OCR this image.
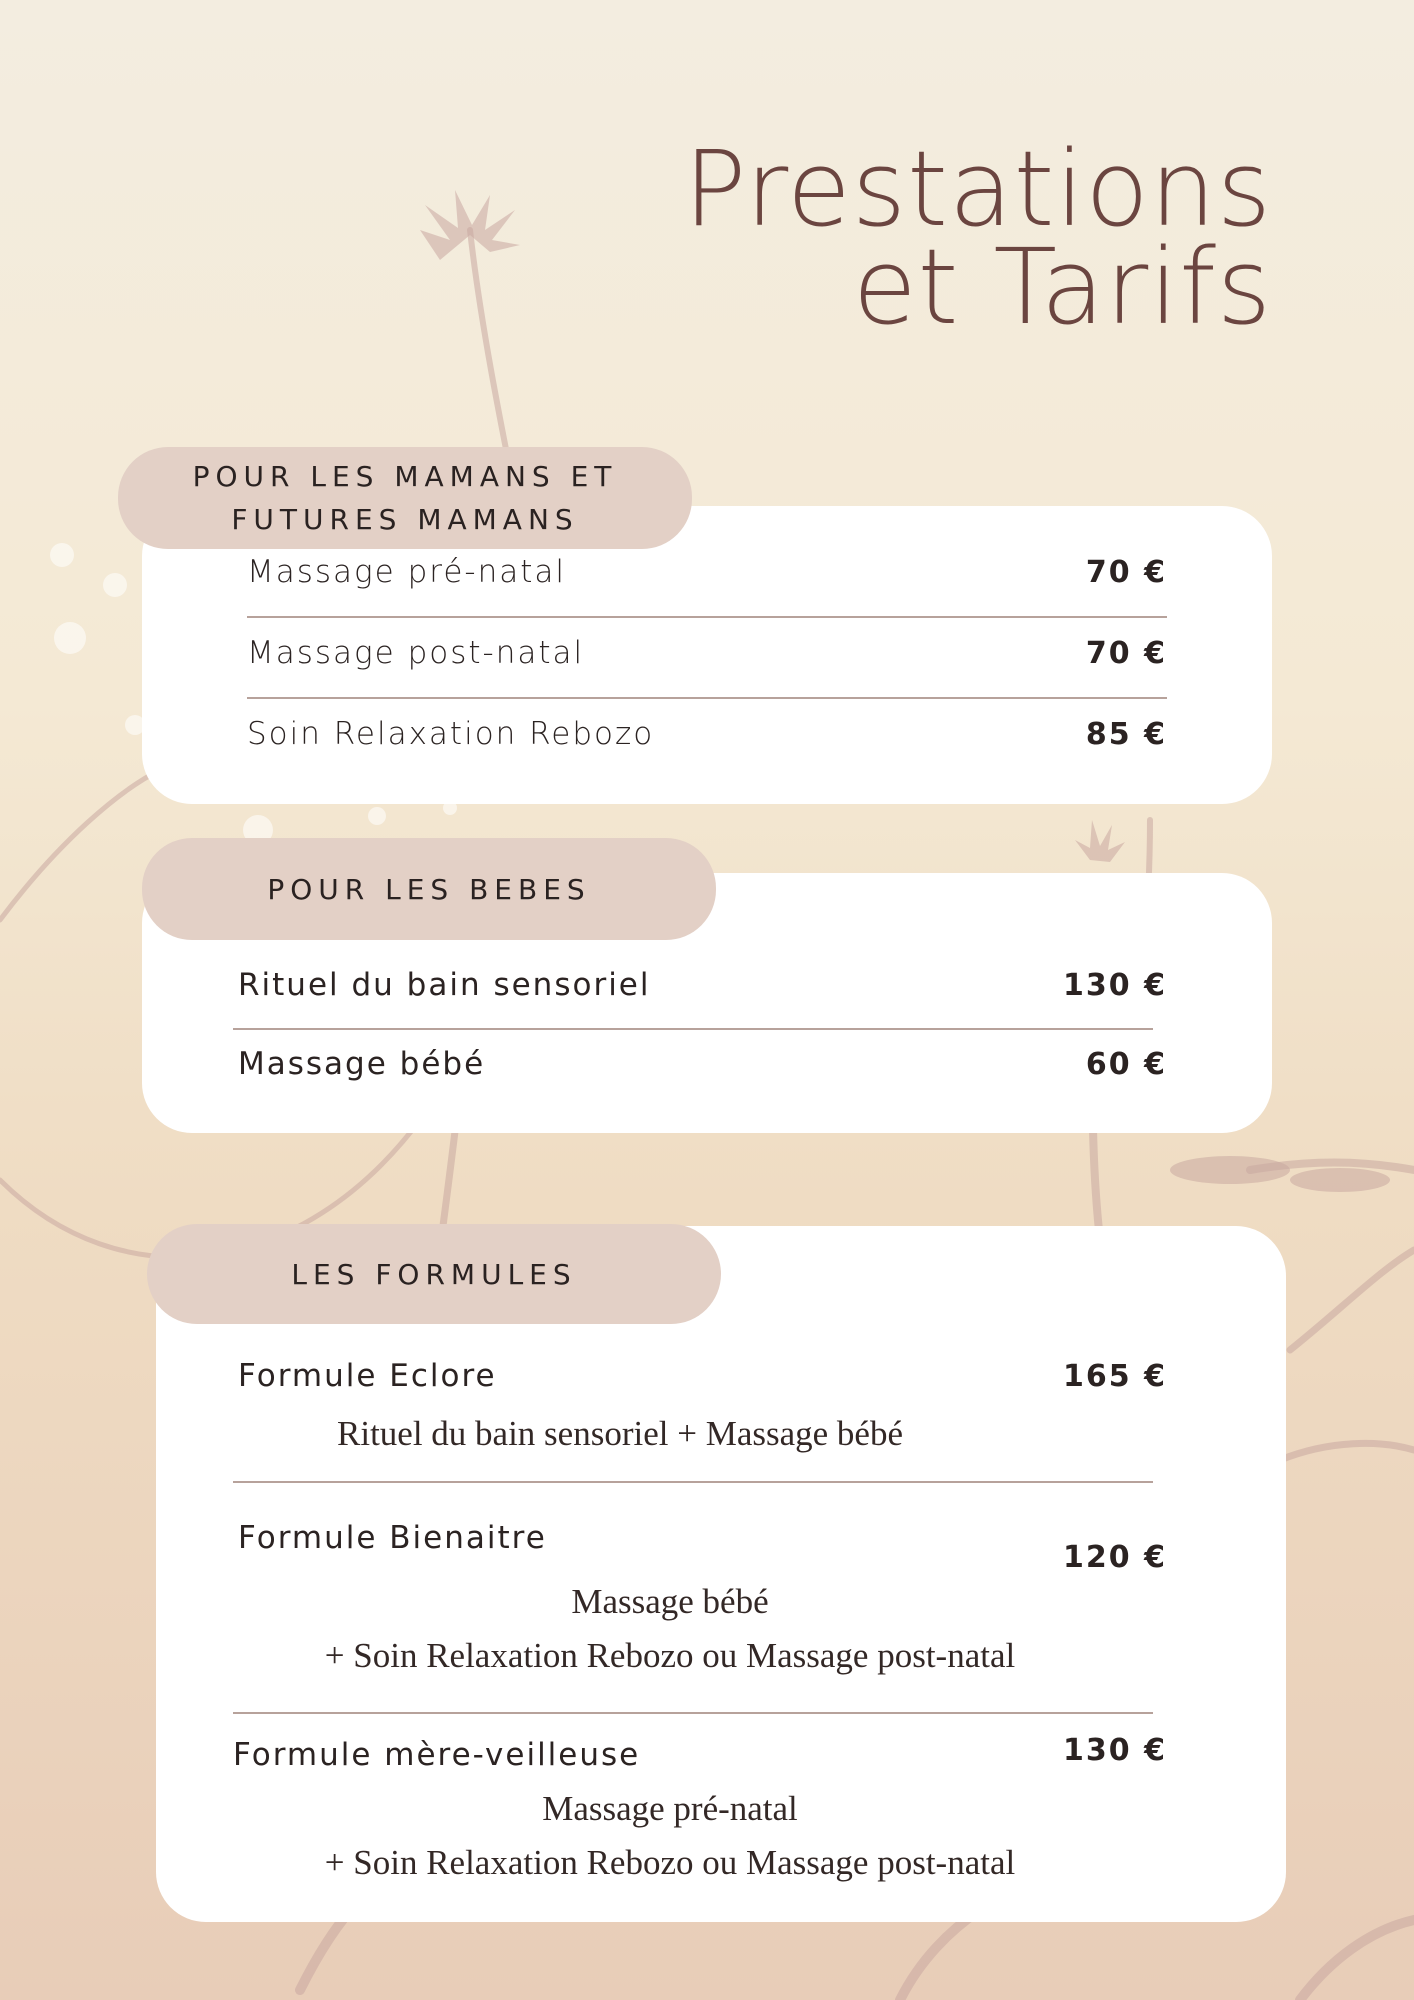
Prestations
et Tarifs
POUR LES MAMANS ET
FUTURES MAMANS
Massage pré-natal	70 €
Massage post-natal	70 €
Soin Relaxation Rebozo	85 €
POUR LES BEBES
Rituel du bain sensoriel	130 €
Massage bébé	60 €
LES FORMULES
Formule Eclore	165 €
Rituel du bain sensoriel + Massage bébé
Formule Bienaitre
120 €
Massage bébé
+ Soin Relaxation Rebozo ou Massage post-natal
Formule mère-veilleuse	130 €
Massage pré-natal
+ Soin Relaxation Rebozo ou Massage post-natal
